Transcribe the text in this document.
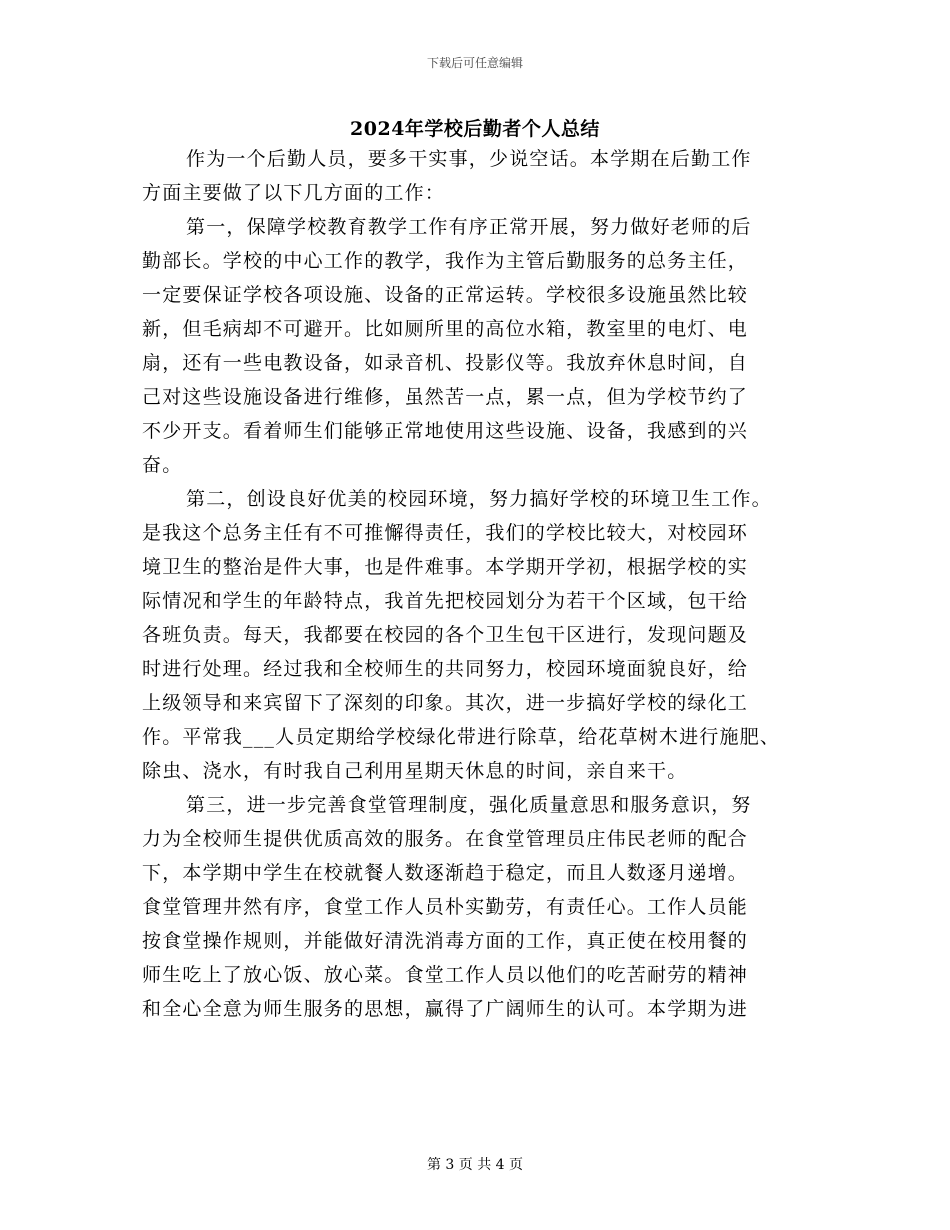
下载后可任意编辑
2024年学校后勤者个人总结
作为一个后勤人员，要多干实事，少说空话。本学期在后勤工作
方面主要做了以下几方面的工作：
第一，保障学校教育教学工作有序正常开展，努力做好老师的后
勤部长。学校的中心工作的教学，我作为主管后勤服务的总务主任，
一定要保证学校各项设施、设备的正常运转。学校很多设施虽然比较
新，但毛病却不可避开。比如厕所里的高位水箱，教室里的电灯、电
扇，还有一些电教设备，如录音机、投影仪等。我放弃休息时间，自
己对这些设施设备进行维修，虽然苦一点，累一点，但为学校节约了
不少开支。看着师生们能够正常地使用这些设施、设备，我感到的兴
奋。
第二，创设良好优美的校园环境，努力搞好学校的环境卫生工作。
是我这个总务主任有不可推懈得责任，我们的学校比较大，对校园环
境卫生的整治是件大事，也是件难事。本学期开学初，根据学校的实
际情况和学生的年龄特点，我首先把校园划分为若干个区域，包干给
各班负责。每天，我都要在校园的各个卫生包干区进行，发现问题及
时进行处理。经过我和全校师生的共同努力，校园环境面貌良好，给
上级领导和来宾留下了深刻的印象。其次，进一步搞好学校的绿化工
作。平常我___人员定期给学校绿化带进行除草，给花草树木进行施肥、
除虫、浇水，有时我自己利用星期天休息的时间，亲自来干。
第三，进一步完善食堂管理制度，强化质量意思和服务意识，努
力为全校师生提供优质高效的服务。在食堂管理员庄伟民老师的配合
下，本学期中学生在校就餐人数逐渐趋于稳定，而且人数逐月递增。
食堂管理井然有序，食堂工作人员朴实勤劳，有责任心。工作人员能
按食堂操作规则，并能做好清洗消毒方面的工作，真正使在校用餐的
师生吃上了放心饭、放心菜。食堂工作人员以他们的吃苦耐劳的精神
和全心全意为师生服务的思想，赢得了广阔师生的认可。本学期为进
第 3 页 共 4 页
